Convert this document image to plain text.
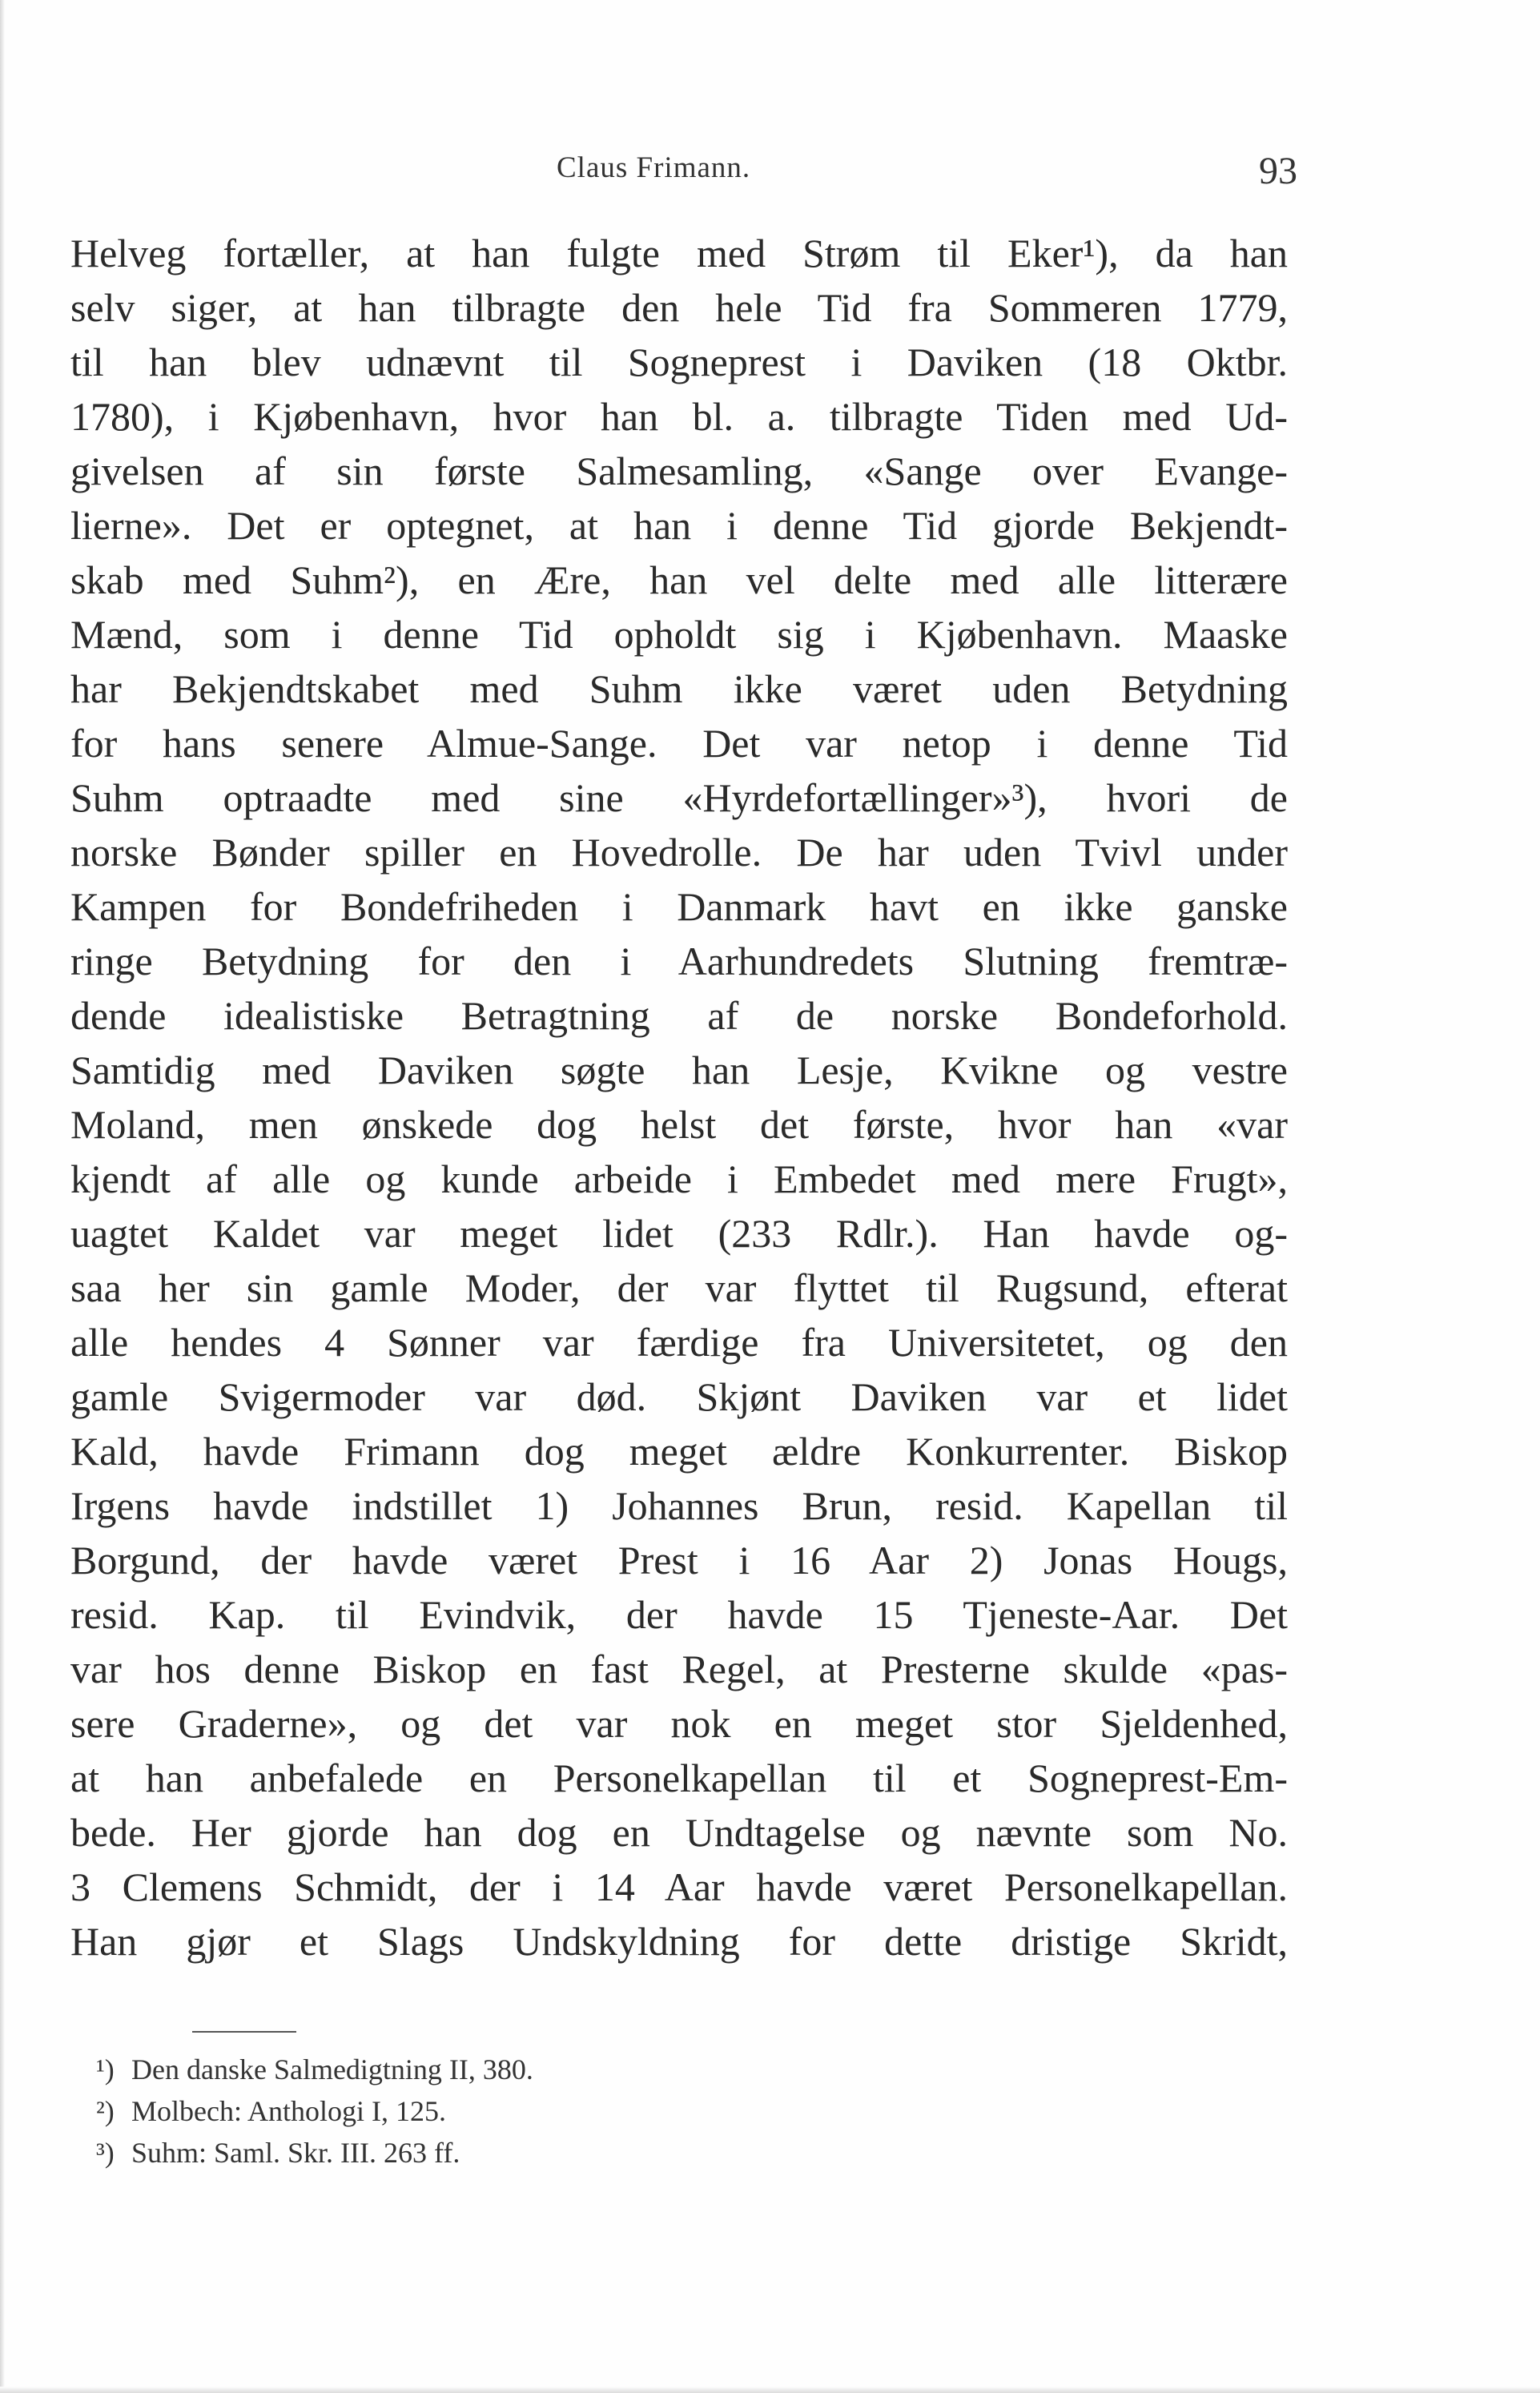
Claus Frimann.	93
Helveg fortæller, at han fulgte med Strøm til Eker¹), da han
selv siger, at han tilbragte den hele Tid fra Sommeren 1779,
til han blev udnævnt til Sogneprest i Daviken (18 Oktbr.
1780), i Kjøbenhavn, hvor han bl. a. tilbragte Tiden med Ud-
givelsen af sin første Salmesamling, «Sange over Evange-
lierne». Det er optegnet, at han i denne Tid gjorde Bekjendt-
skab med Suhm²), en Ære, han vel delte med alle litterære
Mænd, som i denne Tid opholdt sig i Kjøbenhavn. Maaske
har Bekjendtskabet med Suhm ikke været uden Betydning
for hans senere Almue-Sange. Det var netop i denne Tid
Suhm optraadte med sine «Hyrdefortællinger»³), hvori de
norske Bønder spiller en Hovedrolle. De har uden Tvivl under
Kampen for Bondefriheden i Danmark havt en ikke ganske
ringe Betydning for den i Aarhundredets Slutning fremtræ-
dende idealistiske Betragtning af de norske Bondeforhold.
Samtidig med Daviken søgte han Lesje, Kvikne og vestre
Moland, men ønskede dog helst det første, hvor han «var
kjendt af alle og kunde arbeide i Embedet med mere Frugt»,
uagtet Kaldet var meget lidet (233 Rdlr.). Han havde og-
saa her sin gamle Moder, der var flyttet til Rugsund, efterat
alle hendes 4 Sønner var færdige fra Universitetet, og den
gamle Svigermoder var død. Skjønt Daviken var et lidet
Kald, havde Frimann dog meget ældre Konkurrenter. Biskop
Irgens havde indstillet 1) Johannes Brun, resid. Kapellan til
Borgund, der havde været Prest i 16 Aar 2) Jonas Hougs,
resid. Kap. til Evindvik, der havde 15 Tjeneste-Aar. Det
var hos denne Biskop en fast Regel, at Presterne skulde «pas-
sere Graderne», og det var nok en meget stor Sjeldenhed,
at han anbefalede en Personelkapellan til et Sogneprest-Em-
bede. Her gjorde han dog en Undtagelse og nævnte som No.
3 Clemens Schmidt, der i 14 Aar havde været Personelkapellan.
Han gjør et Slags Undskyldning for dette dristige Skridt,
¹) Den danske Salmedigtning II, 380.
²) Molbech: Anthologi I, 125.
³) Suhm: Saml. Skr. III. 263 ff.
